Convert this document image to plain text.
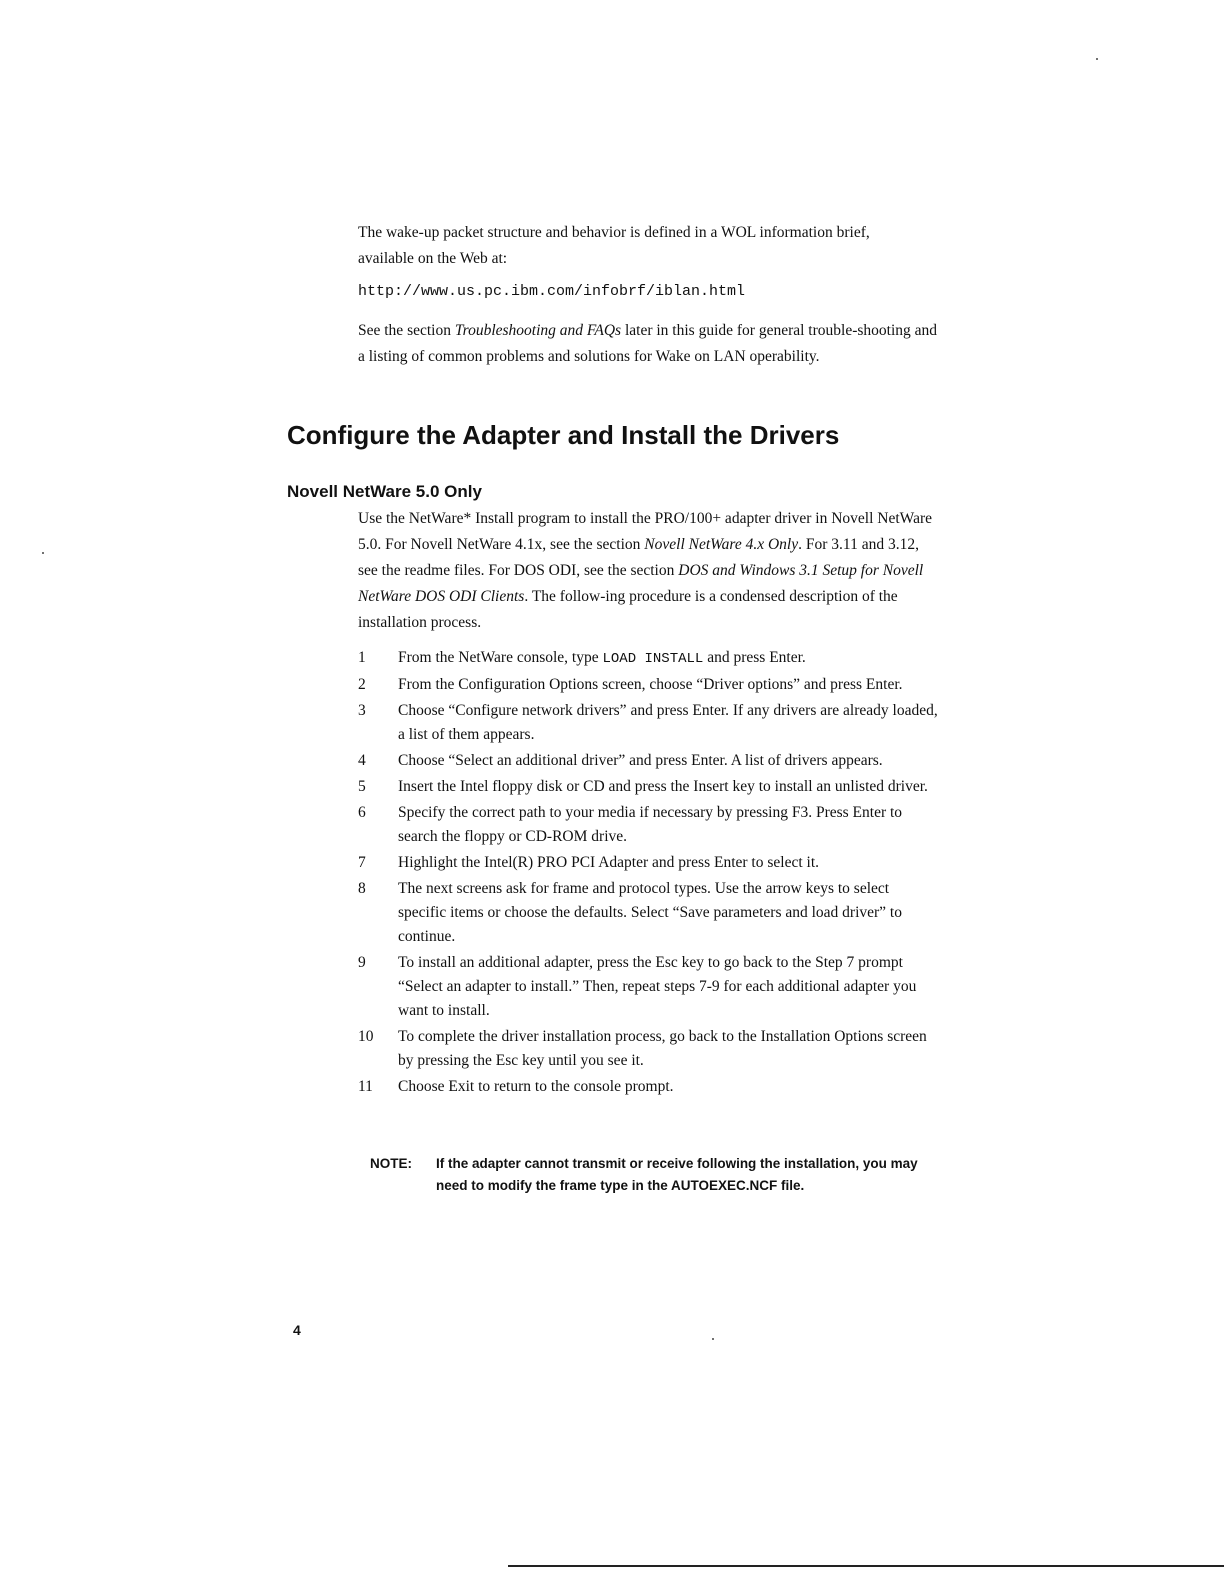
The wake-up packet structure and behavior is defined in a WOL information brief, available on the Web at:

http://www.us.pc.ibm.com/infobrf/iblan.html

See the section Troubleshooting and FAQs later in this guide for general trouble-shooting and a listing of common problems and solutions for Wake on LAN operability.

Configure the Adapter and Install the Drivers
Novell NetWare 5.0 Only

Use the NetWare* Install program to install the PRO/100+ adapter driver in Novell NetWare 5.0. For Novell NetWare 4.1x, see the section Novell NetWare 4.x Only. For 3.11 and 3.12, see the readme files. For DOS ODI, see the section DOS and Windows 3.1 Setup for Novell NetWare DOS ODI Clients. The follow-ing procedure is a condensed description of the installation process.

1	From the NetWare console, type LOAD INSTALL and press Enter.
2	From the Configuration Options screen, choose “Driver options” and press Enter.
3	Choose “Configure network drivers” and press Enter. If any drivers are already loaded, a list of them appears.
4	Choose “Select an additional driver” and press Enter. A list of drivers appears.
5	Insert the Intel floppy disk or CD and press the Insert key to install an unlisted driver.
6	Specify the correct path to your media if necessary by pressing F3. Press Enter to search the floppy or CD-ROM drive.
7	Highlight the Intel(R) PRO PCI Adapter and press Enter to select it.
8	The next screens ask for frame and protocol types. Use the arrow keys to select specific items or choose the defaults. Select “Save parameters and load driver” to continue.
9	To install an additional adapter, press the Esc key to go back to the Step 7 prompt “Select an adapter to install.” Then, repeat steps 7-9 for each additional adapter you want to install.
10	To complete the driver installation process, go back to the Installation Options screen by pressing the Esc key until you see it.
11	Choose Exit to return to the console prompt.
NOTE:	If the adapter cannot transmit or receive following the installation, you may need to modify the frame type in the AUTOEXEC.NCF file.
4
